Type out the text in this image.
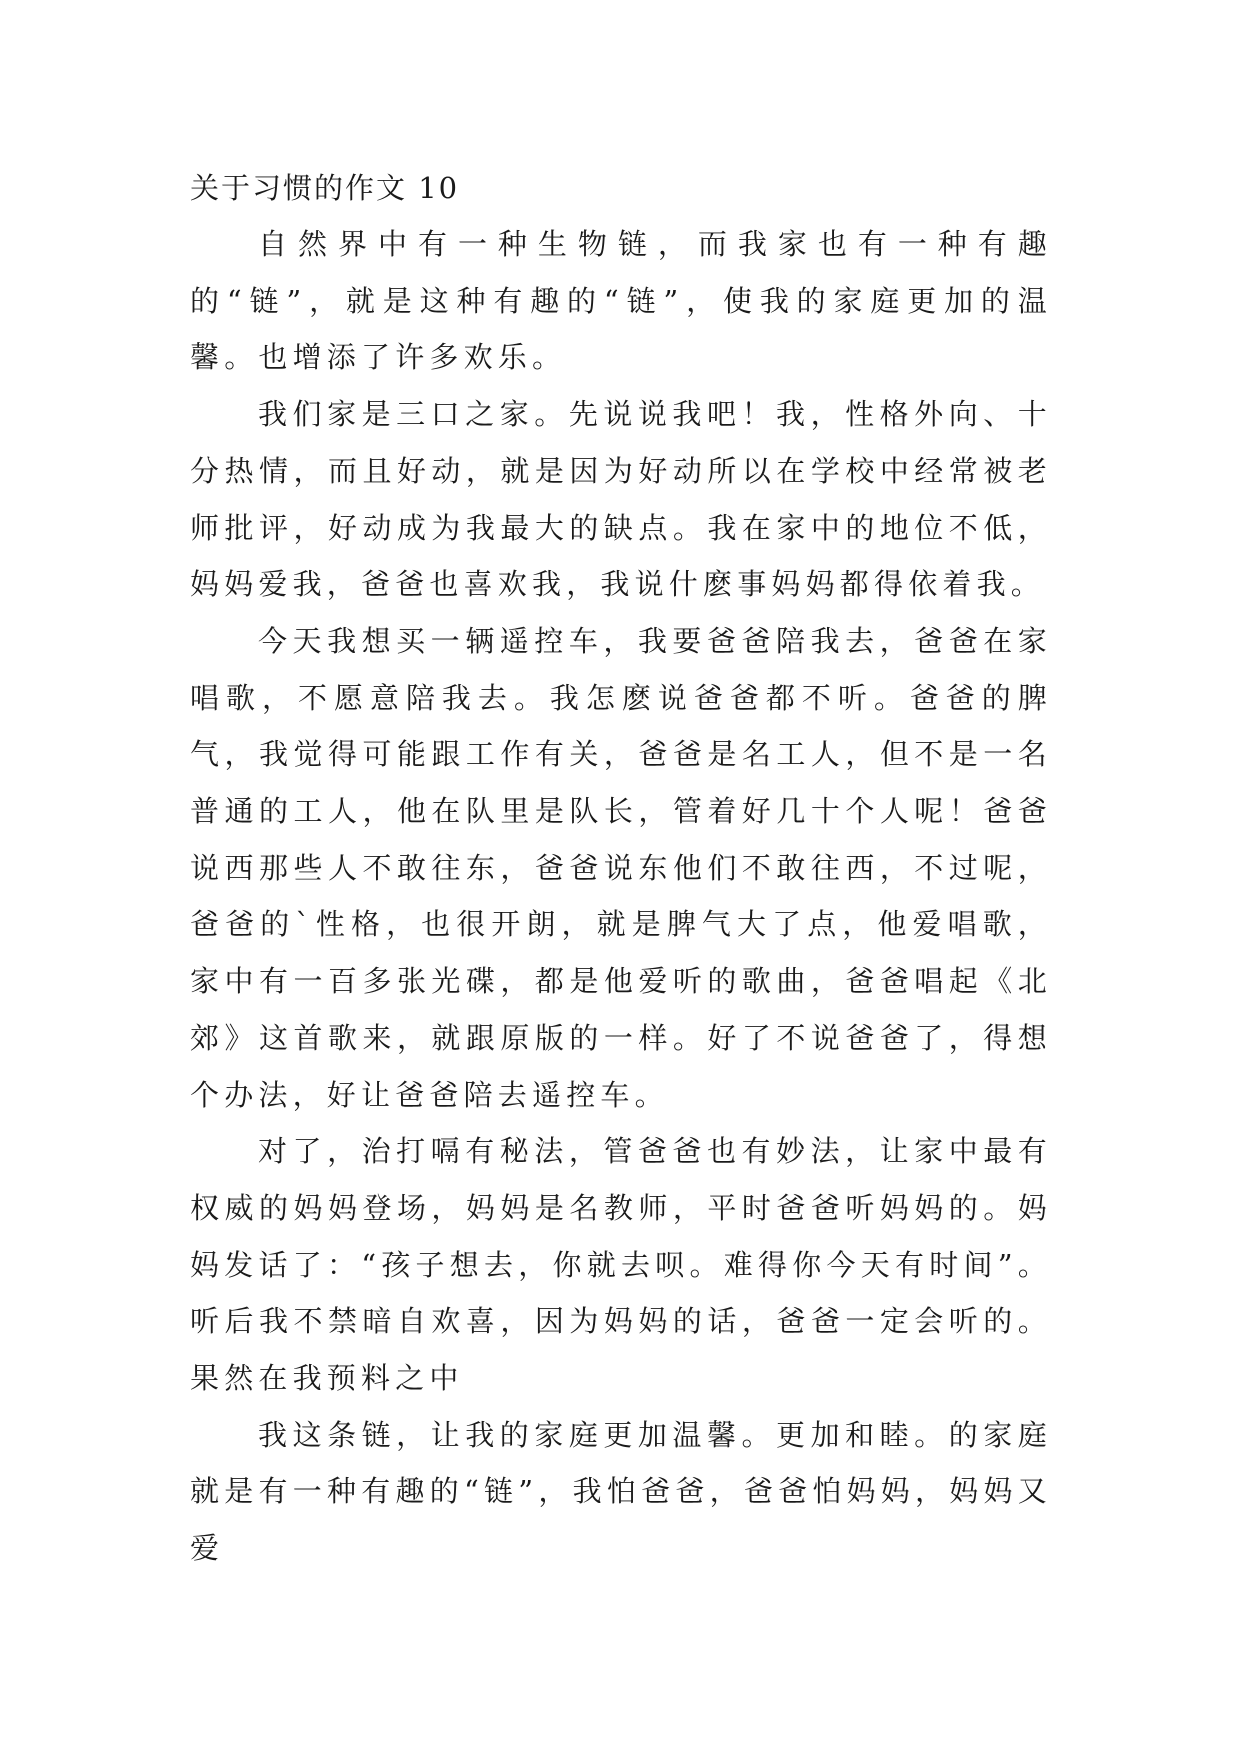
关于习惯的作文 10

自然界中有一种生物链，而我家也有一种有趣的“链”，就是这种有趣的“链”，使我的家庭更加的温馨。也增添了许多欢乐。

我们家是三口之家。先说说我吧！我，性格外向、十分热情，而且好动，就是因为好动所以在学校中经常被老师批评，好动成为我最大的缺点。我在家中的地位不低，妈妈爱我，爸爸也喜欢我，我说什麽事妈妈都得依着我。

今天我想买一辆遥控车，我要爸爸陪我去，爸爸在家唱歌，不愿意陪我去。我怎麽说爸爸都不听。爸爸的脾气，我觉得可能跟工作有关，爸爸是名工人，但不是一名普通的工人，他在队里是队长，管着好几十个人呢！爸爸说西那些人不敢往东，爸爸说东他们不敢往西，不过呢，爸爸的`性格，也很开朗，就是脾气大了点，他爱唱歌，家中有一百多张光碟，都是他爱听的歌曲，爸爸唱起《北郊》这首歌来，就跟原版的一样。好了不说爸爸了，得想个办法，好让爸爸陪去遥控车。

对了，治打嗝有秘法，管爸爸也有妙法，让家中最有权威的妈妈登场，妈妈是名教师，平时爸爸听妈妈的。妈妈发话了：“孩子想去，你就去呗。难得你今天有时间”。听后我不禁暗自欢喜，因为妈妈的话，爸爸一定会听的。果然在我预料之中

我这条链，让我的家庭更加温馨。更加和睦。的家庭就是有一种有趣的“链”，我怕爸爸，爸爸怕妈妈，妈妈又爱
